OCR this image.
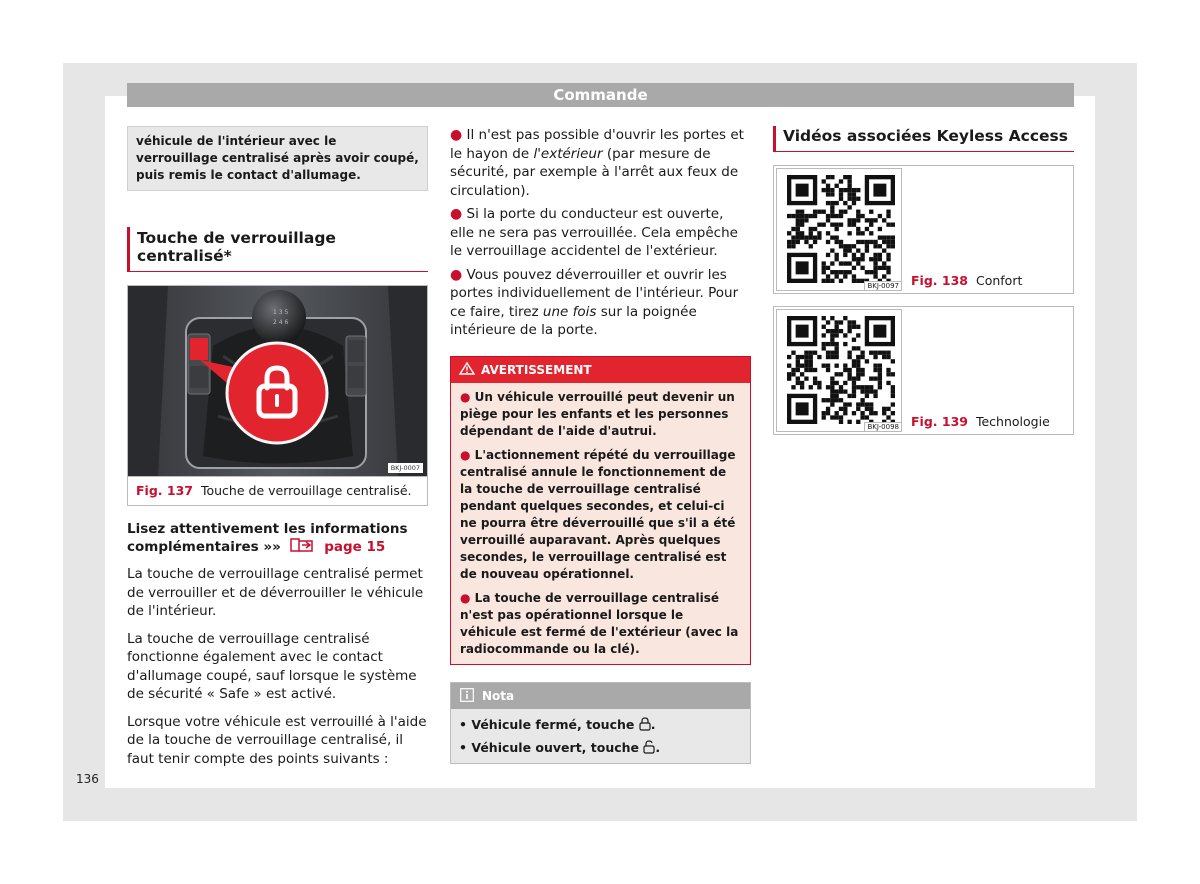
Commande
136
véhicule de l'intérieur avec le verrouillage centralisé après avoir coupé, puis remis le contact d'allumage.
Touche de verrouillage centralisé*
1 3 5
2 4 6
BKJ-0007
Fig. 137 Touche de verrouillage centralisé.
Lisez attentivement les informations complémentaires »»	page 15
La touche de verrouillage centralisé permet de verrouiller et de déverrouiller le véhicule de l'intérieur.
La touche de verrouillage centralisé fonctionne également avec le contact d'allumage coupé, sauf lorsque le système de sécurité « Safe » est activé.
Lorsque votre véhicule est verrouillé à l'aide de la touche de verrouillage centralisé, il faut tenir compte des points suivants :
● Il n'est pas possible d'ouvrir les portes et le hayon de l'extérieur (par mesure de sécurité, par exemple à l'arrêt aux feux de circulation).
● Si la porte du conducteur est ouverte, elle ne sera pas verrouillée. Cela empêche le verrouillage accidentel de l'extérieur.
● Vous pouvez déverrouiller et ouvrir les portes individuellement de l'intérieur. Pour ce faire, tirez une fois sur la poignée intérieure de la porte.
AVERTISSEMENT
● Un véhicule verrouillé peut devenir un piège pour les enfants et les personnes dépendant de l'aide d'autrui.
● L'actionnement répété du verrouillage centralisé annule le fonctionnement de la touche de verrouillage centralisé pendant quelques secondes, et celui-ci ne pourra être déverrouillé que s'il a été verrouillé auparavant. Après quelques secondes, le verrouillage centralisé est de nouveau opérationnel.
● La touche de verrouillage centralisé n'est pas opérationnel lorsque le véhicule est fermé de l'extérieur (avec la radiocommande ou la clé).
Nota
• Véhicule fermé, touche .
• Véhicule ouvert, touche .
Vidéos associées Keyless Access
BKJ-0097 Fig. 138 Confort
BKJ-0098 Fig. 139 Technologie
